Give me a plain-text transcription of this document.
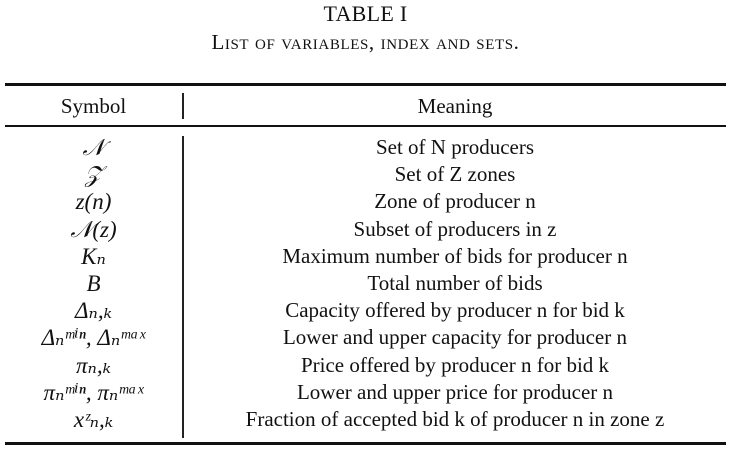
TABLE I
List of variables, index and sets.
Symbol	Meaning
𝒩	Set of N producers
𝒵	Set of Z zones
z(n)	Zone of producer n
𝒩(z)	Subset of producers in z
Kₙ	Maximum number of bids for producer n
B	Total number of bids
Δₙ,ₖ	Capacity offered by producer n for bid k
Δₙᵐⁱⁿ, Δₙᵐᵃˣ	Lower and upper capacity for producer n
πₙ,ₖ	Price offered by producer n for bid k
πₙᵐⁱⁿ, πₙᵐᵃˣ	Lower and upper price for producer n
xᶻₙ,ₖ	Fraction of accepted bid k of producer n in zone z
